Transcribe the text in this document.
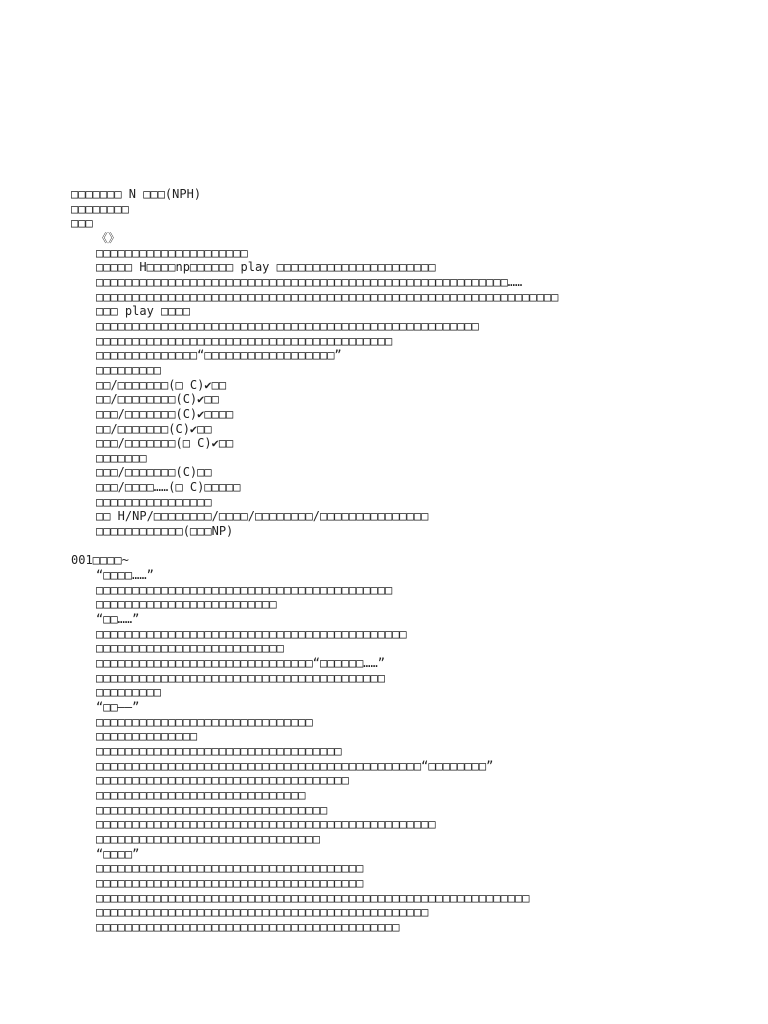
□□□□□□□ N □□□(NPH)
□□□□□□□□
□□□
《》
□□□□□□□□□□□□□□□□□□□□□
□□□□□ H□□□□np□□□□□□ play □□□□□□□□□□□□□□□□□□□□□□
□□□□□□□□□□□□□□□□□□□□□□□□□□□□□□□□□□□□□□□□□□□□□□□□□□□□□□□□□……
□□□□□□□□□□□□□□□□□□□□□□□□□□□□□□□□□□□□□□□□□□□□□□□□□□□□□□□□□□□□□□□□
□□□ play □□□□
□□□□□□□□□□□□□□□□□□□□□□□□□□□□□□□□□□□□□□□□□□□□□□□□□□□□□
□□□□□□□□□□□□□□□□□□□□□□□□□□□□□□□□□□□□□□□□□
□□□□□□□□□□□□□□“□□□□□□□□□□□□□□□□□□”
□□□□□□□□□
□□/□□□□□□□(□ C)✔□□
□□/□□□□□□□□(C)✔□□
□□□/□□□□□□□(C)✔□□□□
□□/□□□□□□□(C)✔□□
□□□/□□□□□□□(□ C)✔□□
□□□□□□□
□□□/□□□□□□□(C)□□
□□□/□□□□……(□ C)□□□□□
□□□□□□□□□□□□□□□□
□□ H/NP/□□□□□□□□/□□□□/□□□□□□□□/□□□□□□□□□□□□□□□
□□□□□□□□□□□□(□□□NP)
001□□□□~
“□□□□……”
□□□□□□□□□□□□□□□□□□□□□□□□□□□□□□□□□□□□□□□□□
□□□□□□□□□□□□□□□□□□□□□□□□□
“□□……”
□□□□□□□□□□□□□□□□□□□□□□□□□□□□□□□□□□□□□□□□□□□
□□□□□□□□□□□□□□□□□□□□□□□□□□
□□□□□□□□□□□□□□□□□□□□□□□□□□□□□□“□□□□□□……”
□□□□□□□□□□□□□□□□□□□□□□□□□□□□□□□□□□□□□□□□
□□□□□□□□□
“□□——”
□□□□□□□□□□□□□□□□□□□□□□□□□□□□□□
□□□□□□□□□□□□□□
□□□□□□□□□□□□□□□□□□□□□□□□□□□□□□□□□□
□□□□□□□□□□□□□□□□□□□□□□□□□□□□□□□□□□□□□□□□□□□□□“□□□□□□□□”
□□□□□□□□□□□□□□□□□□□□□□□□□□□□□□□□□□□
□□□□□□□□□□□□□□□□□□□□□□□□□□□□□
□□□□□□□□□□□□□□□□□□□□□□□□□□□□□□□□
□□□□□□□□□□□□□□□□□□□□□□□□□□□□□□□□□□□□□□□□□□□□□□□
□□□□□□□□□□□□□□□□□□□□□□□□□□□□□□□
“□□□□”
□□□□□□□□□□□□□□□□□□□□□□□□□□□□□□□□□□□□□
□□□□□□□□□□□□□□□□□□□□□□□□□□□□□□□□□□□□□
□□□□□□□□□□□□□□□□□□□□□□□□□□□□□□□□□□□□□□□□□□□□□□□□□□□□□□□□□□□□
□□□□□□□□□□□□□□□□□□□□□□□□□□□□□□□□□□□□□□□□□□□□□□
□□□□□□□□□□□□□□□□□□□□□□□□□□□□□□□□□□□□□□□□□□
